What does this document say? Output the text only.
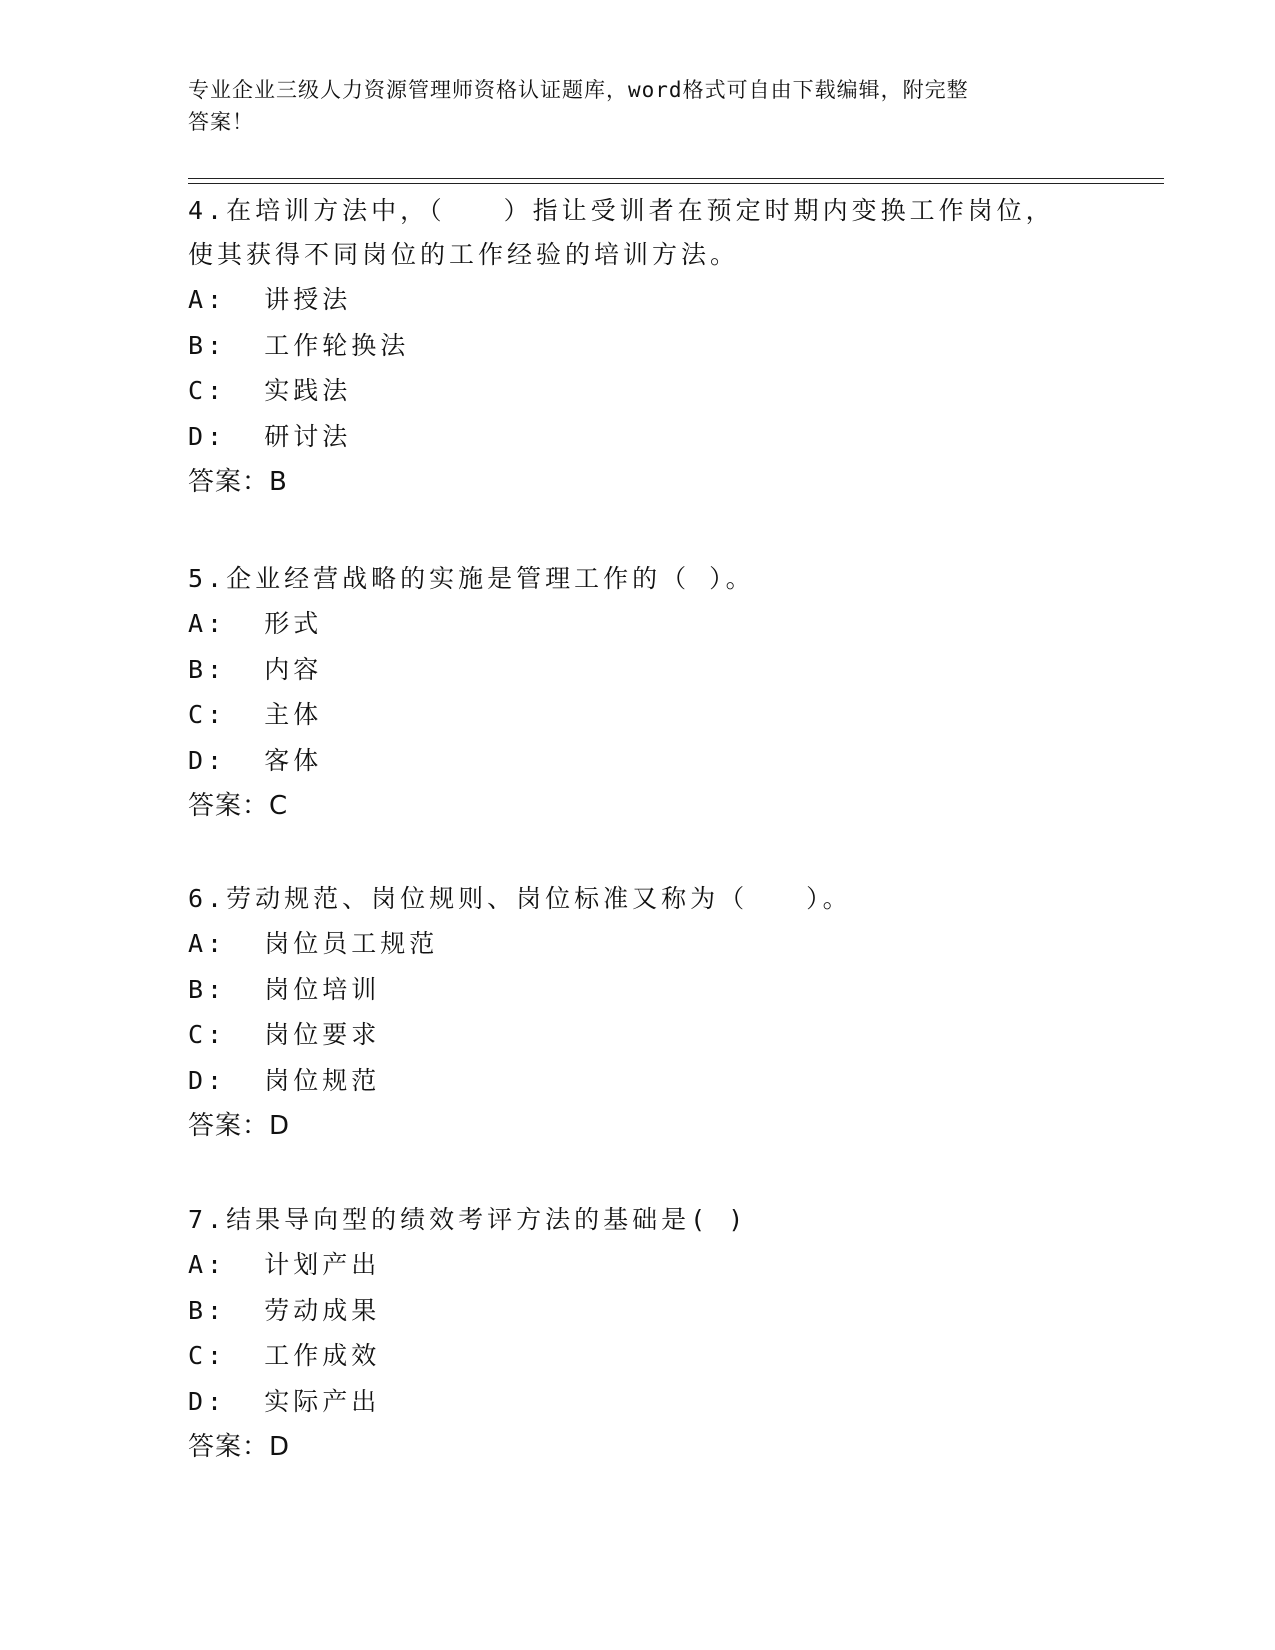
专业企业三级人力资源管理师资格认证题库，word格式可自由下载编辑，附完整
答案！

4.在培训方法中，（　　）指让受训者在预定时期内变换工作岗位，

使其获得不同岗位的工作经验的培训方法。

A:  讲授法

B:  工作轮换法

C:  实践法

D:  研讨法

答案：B

5.企业经营战略的实施是管理工作的（ ）。

A:  形式

B:  内容

C:  主体

D:  客体

答案：C

6.劳动规范、岗位规则、岗位标准又称为（　　）。

A:  岗位员工规范

B:  岗位培训

C:  岗位要求

D:  岗位规范

答案：D

7.结果导向型的绩效考评方法的基础是( )

A:  计划产出

B:  劳动成果

C:  工作成效

D:  实际产出

答案：D
